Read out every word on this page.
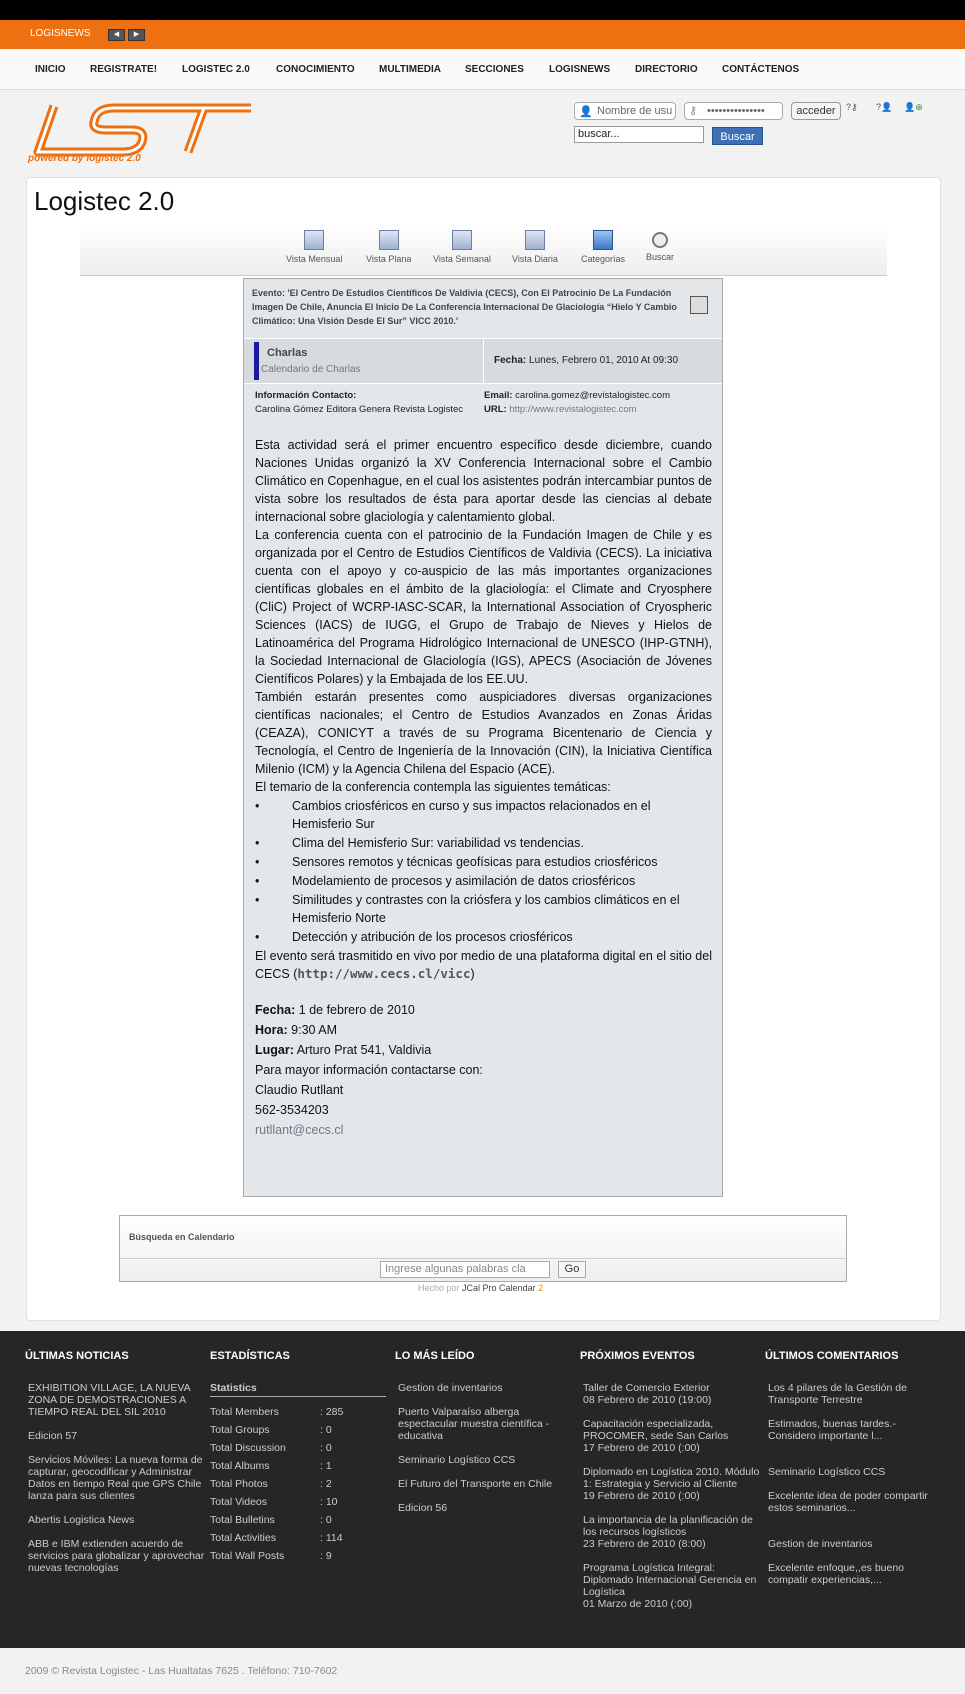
LOGISNEWS	◀	▶
INICIO REGISTRATE! LOGISTEC 2.0	CONOCIMIENTO MULTIMEDIA SECCIONES	LOGISNEWS DIRECTORIO CONTÁCTENOS
powered by logistec 2.0
👤 Nombre de usu	⚷ •••••••••••••••	acceder	?⚷	?👤	👤⊕
buscar...	Buscar
Logistec 2.0
Vista Mensual	Vista Plana Vista Semanal Vista Diaria	Categorías Buscar
Evento: 'El Centro De Estudios Científicos De Valdivia (CECS), Con El Patrocinio De La Fundación Imagen De Chile, Anuncia El Inicio De La Conferencia Internacional De Glaciología “Hielo Y Cambio Climático: Una Visión Desde El Sur” VICC 2010.'
Charlas
Calendario de Charlas
Fecha: Lunes, Febrero 01, 2010 At 09:30
Información Contacto:
Carolina Gómez Editora Genera Revista Logistec
Email: carolina.gomez@revistalogistec.com
URL: http://www.revistalogistec.com

Esta actividad será el primer encuentro específico desde diciembre, cuando Naciones Unidas organizó la XV Conferencia Internacional sobre el Cambio Climático en Copenhague, en el cual los asistentes podrán intercambiar puntos de vista sobre los resultados de ésta para aportar desde las ciencias al debate internacional sobre glaciología y calentamiento global.

La conferencia cuenta con el patrocinio de la Fundación Imagen de Chile y es organizada por el Centro de Estudios Científicos de Valdivia (CECS). La iniciativa cuenta con el apoyo y co-auspicio de las más importantes organizaciones científicas globales en el ámbito de la glaciología: el Climate and Cryosphere (CliC) Project of WCRP-IASC-SCAR, la International Association of Cryospheric Sciences (IACS) de IUGG, el Grupo de Trabajo de Nieves y Hielos de Latinoamérica del Programa Hidrológico Internacional de UNESCO (IHP-GTNH), la Sociedad Internacional de Glaciología (IGS), APECS (Asociación de Jóvenes Científicos Polares) y la Embajada de los EE.UU.

También estarán presentes como auspiciadores diversas organizaciones científicas nacionales; el Centro de Estudios Avanzados en Zonas Áridas (CEAZA), CONICYT a través de su Programa Bicentenario de Ciencia y Tecnología, el Centro de Ingeniería de la Innovación (CIN), la Iniciativa Científica Milenio (ICM) y la Agencia Chilena del Espacio (ACE).

El temario de la conferencia contempla las siguientes temáticas:

•	Cambios criosféricos en curso y sus impactos relacionados en el Hemisferio Sur
•	Clima del Hemisferio Sur: variabilidad vs tendencias.
•	Sensores remotos y técnicas geofísicas para estudios criosféricos
•	Modelamiento de procesos y asimilación de datos criosféricos
•	Similitudes y contrastes con la criósfera y los cambios climáticos en el Hemisferio Norte
•	Detección y atribución de los procesos criosféricos

El evento será trasmitido en vivo por medio de una plataforma digital en el sitio del CECS (http://www.cecs.cl/vicc)

Fecha: 1 de febrero de 2010

Hora: 9:30 AM

Lugar: Arturo Prat 541, Valdivia

Para mayor información contactarse con:

Claudio Rutllant

562-3534203

rutllant@cecs.cl

Búsqueda en Calendario
Ingrese algunas palabras cla	Go
Hecho por JCal Pro Calendar 2
ÚLTIMAS NOTICIAS
EXHIBITION VILLAGE, LA NUEVA ZONA DE DEMOSTRACIONES A TIEMPO REAL DEL SIL 2010
Edicion 57
Servicios Móviles: La nueva forma de capturar, geocodificar y Administrar Datos en tiempo Real que GPS Chile lanza para sus clientes
Abertis Logistica News
ABB e IBM extienden acuerdo de servicios para globalizar y aprovechar nuevas tecnologías
ESTADÍSTICAS
Statistics
Total Members	: 285
Total Groups	: 0
Total Discussion	: 0
Total Albums	: 1
Total Photos	: 2
Total Videos	: 10
Total Bulletins	: 0
Total Activities	: 114
Total Wall Posts	: 9
LO MÁS LEÍDO
Gestion de inventarios
Puerto Valparaíso alberga espectacular muestra científica - educativa
Seminario Logístico CCS
El Futuro del Transporte en Chile
Edicion 56
PRÓXIMOS EVENTOS
Taller de Comercio Exterior
08 Febrero de 2010 (19:00)
Capacitación especializada, PROCOMER, sede San Carlos
17 Febrero de 2010 (:00)
Diplomado en Logística 2010. Módulo 1: Estrategia y Servicio al Cliente
19 Febrero de 2010 (:00)
La importancia de la planificación de los recursos logísticos
23 Febrero de 2010 (8:00)
Programa Logística Integral: Diplomado Internacional Gerencia en Logística
01 Marzo de 2010 (:00)
ÚLTIMOS COMENTARIOS
Los 4 pilares de la Gestión de Transporte Terrestre
Estimados, buenas tardes.- Considero importante l...
Seminario Logístico CCS
Excelente idea de poder compartir estos seminarios...
Gestion de inventarios
Excelente enfoque,,es bueno compatir experiencias,...
2009 © Revista Logistec - Las Hualtatas 7625 . Teléfono: 710-7602
